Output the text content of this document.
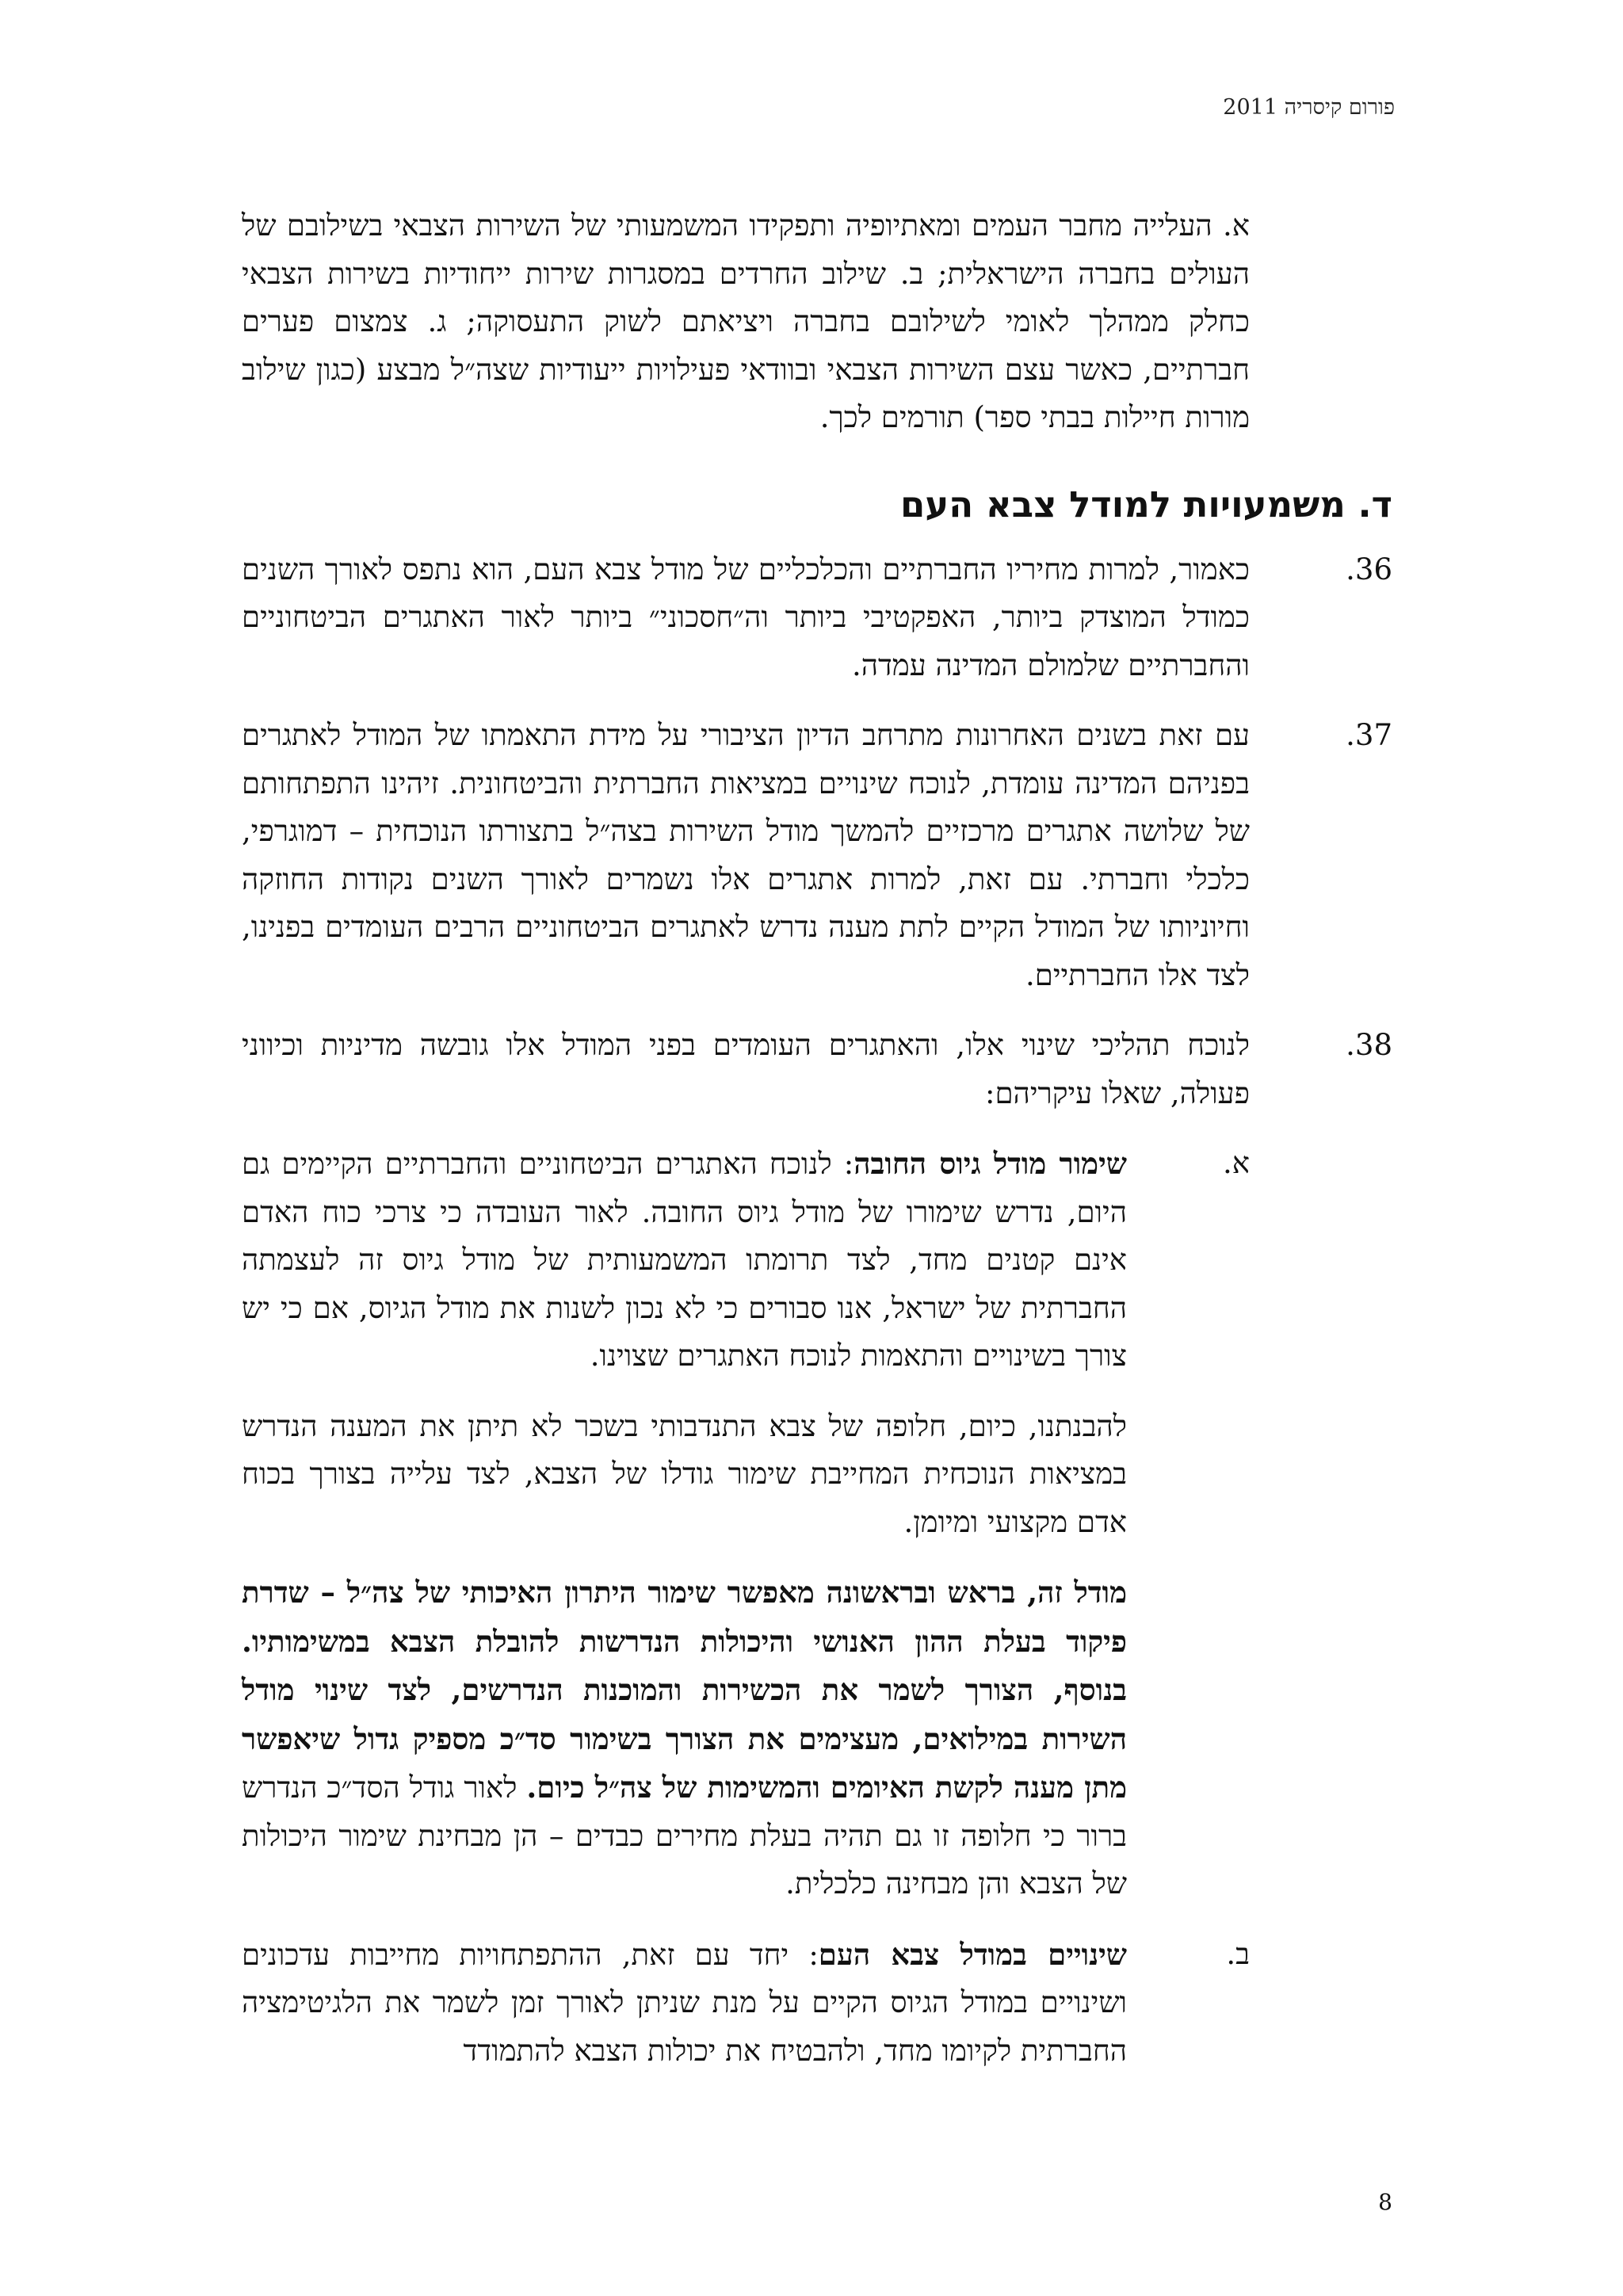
פורום קיסריה 2011

א. העלייה מחבר העמים ומאתיופיה ותפקידו המשמעותי של השירות הצבאי בשילובם של העולים בחברה הישראלית; ב. שילוב החרדים במסגרות שירות ייחודיות בשירות הצבאי כחלק ממהלך לאומי לשילובם בחברה ויציאתם לשוק התעסוקה; ג. צמצום פערים חברתיים, כאשר עצם השירות הצבאי ובוודאי פעילויות ייעודיות שצה״ל מבצע (כגון שילוב מורות חיילות בבתי ספר) תורמים לכך.

ד. משמעויות למודל צבא העם
36.

כאמור, למרות מחיריו החברתיים והכלכליים של מודל צבא העם, הוא נתפס לאורך השנים כמודל המוצדק ביותר, האפקטיבי ביותר וה״חסכוני״ ביותר לאור האתגרים הביטחוניים והחברתיים שלמולם המדינה עמדה.

37.

עם זאת בשנים האחרונות מתרחב הדיון הציבורי על מידת התאמתו של המודל לאתגרים בפניהם המדינה עומדת, לנוכח שינויים במציאות החברתית והביטחונית. זיהינו התפתחותם של שלושה אתגרים מרכזיים להמשך מודל השירות בצה״ל בתצורתו הנוכחית – דמוגרפי, כלכלי וחברתי. עם זאת, למרות אתגרים אלו נשמרים לאורך השנים נקודות החוזקה וחיוניותו של המודל הקיים לתת מענה נדרש לאתגרים הביטחוניים הרבים העומדים בפנינו, לצד אלו החברתיים.

38.

לנוכח תהליכי שינוי אלו, והאתגרים העומדים בפני המודל אלו גובשה מדיניות וכיווני פעולה, שאלו עיקריהם:

א.

שימור מודל גיוס החובה: לנוכח האתגרים הביטחוניים והחברתיים הקיימים גם היום, נדרש שימורו של מודל גיוס החובה. לאור העובדה כי צרכי כוח האדם אינם קטנים מחד, לצד תרומתו המשמעותית של מודל גיוס זה לעצמתה החברתית של ישראל, אנו סבורים כי לא נכון לשנות את מודל הגיוס, אם כי יש צורך בשינויים והתאמות לנוכח האתגרים שצוינו.

להבנתנו, כיום, חלופה של צבא התנדבותי בשכר לא תיתן את המענה הנדרש במציאות הנוכחית המחייבת שימור גודלו של הצבא, לצד עלייה בצורך בכוח אדם מקצועי ומיומן.

מודל זה, בראש ובראשונה מאפשר שימור היתרון האיכותי של צה״ל – שדרת פיקוד בעלת ההון האנושי והיכולות הנדרשות להובלת הצבא במשימותיו. בנוסף, הצורך לשמר את הכשירות והמוכנות הנדרשים, לצד שינוי מודל השירות במילואים, מעצימים את הצורך בשימור סד״כ מספיק גדול שיאפשר מתן מענה לקשת האיומים והמשימות של צה״ל כיום. לאור גודל הסד״כ הנדרש ברור כי חלופה זו גם תהיה בעלת מחירים כבדים – הן מבחינת שימור היכולות של הצבא והן מבחינה כלכלית.

ב.

שינויים במודל צבא העם: יחד עם זאת, ההתפתחויות מחייבות עדכונים ושינויים במודל הגיוס הקיים על מנת שניתן לאורך זמן לשמר את הלגיטימציה החברתית לקיומו מחד, ולהבטיח את יכולות הצבא להתמודד

8
